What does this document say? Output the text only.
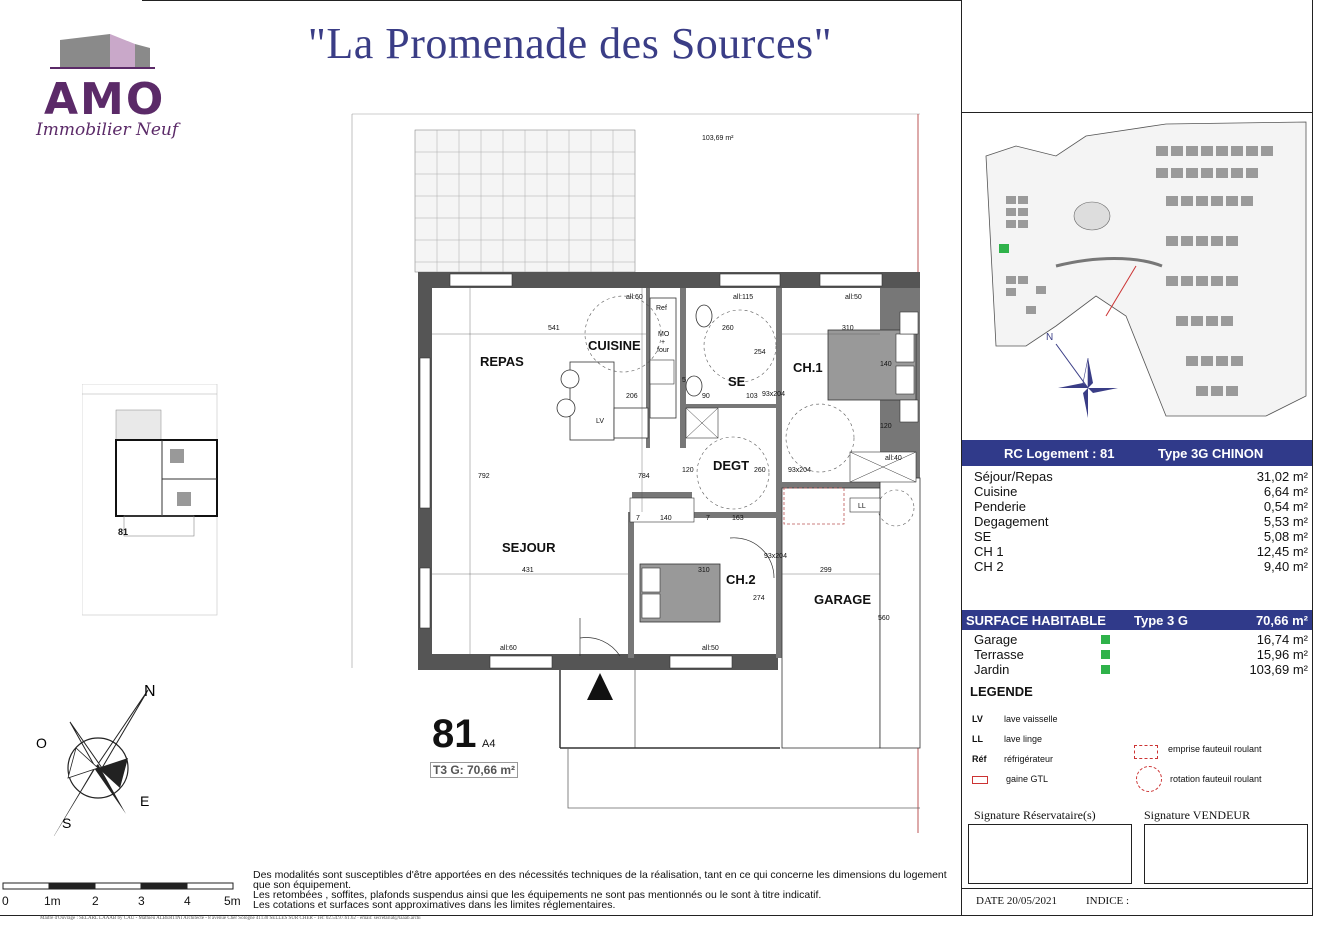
AMO
Immobilier Neuf
"La Promenade des Sources"
81
REPAS
CUISINE
SE
CH.1
DEGT
SEJOUR
CH.2
GARAGE
Ref
MO
+
four
LV
LL
103,69 m²
541	310
792
206
784
431	310	299
560
274
163
140
140
120
120
260
260
90	103
254
93x204
93x204
93x204
all:60	all:115	all:50
all:60	all:50
all:40
5
7	7
81 A4
T3 G: 70,66 m²
N
O
S
E
0	1m	2	3	4	5m
Des modalités sont susceptibles d'être apportées en des nécessités techniques de la réalisation, tant en ce qui concerne les dimensions du logement que son équipement.
Les retombées , soffites, plafonds suspendus ainsi que les équipements ne sont pas mentionnés ou le sont à titre indicatif.
Les cotations et surfaces sont approximatives dans les limites réglementaires.
Maître d'Ouvrage : SELARL LAAAB by CAU - Mathieu ALBERTINI Architecte - 8 avenue Cher Sologne 41130 SELLES SUR CHER - Tel: 02.54.97.61.62 · email: secretariat@laaab.archi
N
RC Logement : 81	Type 3G CHINON
Séjour/Repas	31,02 m²
Cuisine	6,64 m²
Penderie	0,54 m²
Degagement	5,53 m²
SE	5,08 m²
CH 1	12,45 m²
CH 2	9,40 m²
SURFACE HABITABLE Type 3 G	70,66 m²
Garage	16,74 m²
Terrasse	15,96 m²
Jardin	103,69 m²
LEGENDE
LV lave vaisselle
LL lave linge
Réf réfrigérateur
gaine GTL
emprise fauteuil roulant
rotation fauteuil roulant
Signature Réservataire(s)	Signature VENDEUR
DATE 20/05/2021	INDICE :
